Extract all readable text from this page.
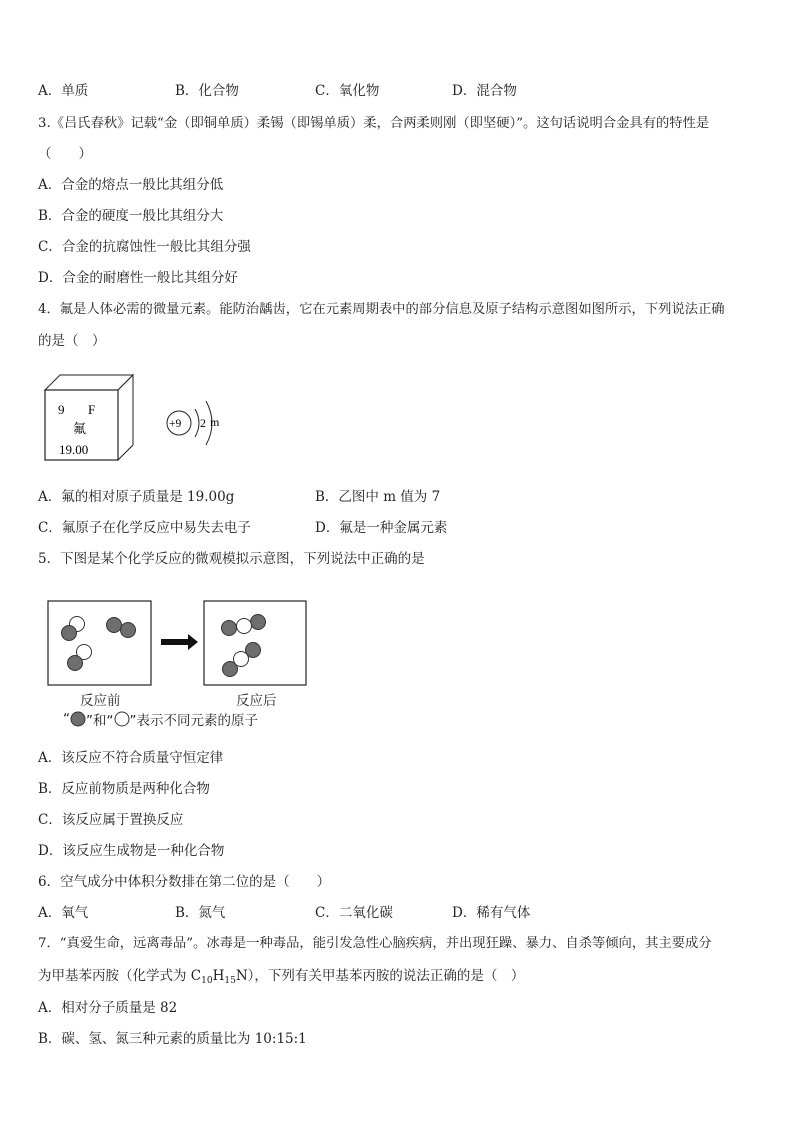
A．单质	B．化合物	C．氧化物	D．混合物
3.《吕氏春秋》记载“金（即铜单质）柔锡（即锡单质）柔，合两柔则刚（即坚硬）”。这句话说明合金具有的特性是
（　　）
A．合金的熔点一般比其组分低
B．合金的硬度一般比其组分大
C．合金的抗腐蚀性一般比其组分强
D．合金的耐磨性一般比其组分好
4．氟是人体必需的微量元素。能防治龋齿，它在元素周期表中的部分信息及原子结构示意图如图所示，下列说法正确
的是（　）
9 F
氟
19.00
+9 2 m
A．氟的相对原子质量是 19.00g	B．乙图中 m 值为 7
C．氟原子在化学反应中易失去电子	D．氟是一种金属元素
5．下图是某个化学反应的微观模拟示意图，下列说法中正确的是
反应前	反应后
“ ”和“ ”表示不同元素的原子
A．该反应不符合质量守恒定律
B．反应前物质是两种化合物
C．该反应属于置换反应
D．该反应生成物是一种化合物
6．空气成分中体积分数排在第二位的是（　　）
A．氧气	B．氮气	C．二氧化碳	D．稀有气体
7．“真爱生命，远离毒品”。冰毒是一种毒品，能引发急性心脑疾病，并出现狂躁、暴力、自杀等倾向，其主要成分
为甲基苯丙胺（化学式为 $C_{10}H_{15}N$），下列有关甲基苯丙胺的说法正确的是（　）
A．相对分子质量是 82
B．碳、氢、氮三种元素的质量比为 10:15:1
